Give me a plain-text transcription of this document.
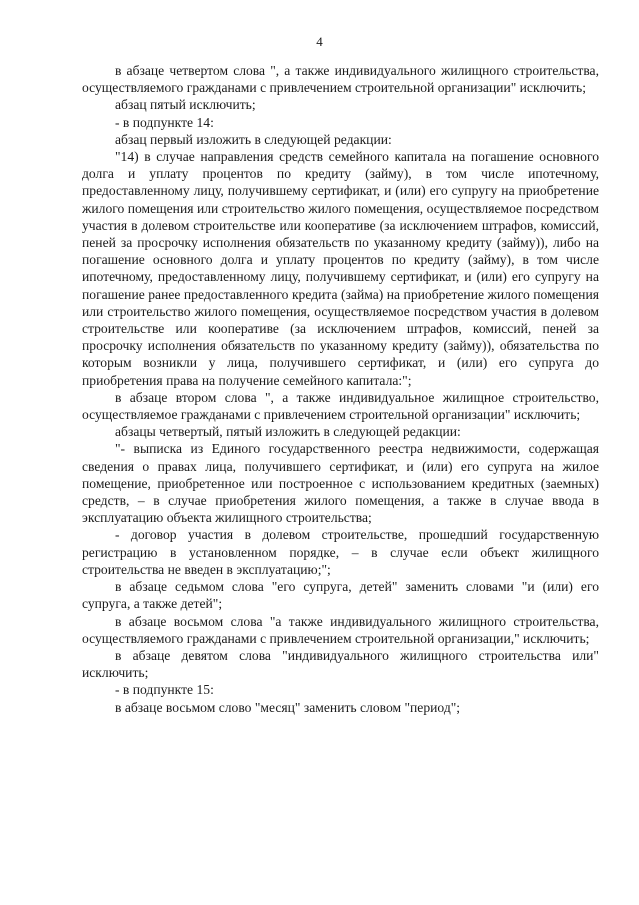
4

в абзаце четвертом слова ", а также индивидуального жилищного строительства, осуществляемого гражданами с привлечением строительной организации" исключить;

абзац пятый исключить;

- в подпункте 14:

абзац первый изложить в следующей редакции:

"14) в случае направления средств семейного капитала на погашение основного долга и уплату процентов по кредиту (займу), в том числе ипотечному, предоставленному лицу, получившему сертификат, и (или) его супругу на приобретение жилого помещения или строительство жилого помещения, осуществляемое посредством участия в долевом строительстве или кооперативе (за исключением штрафов, комиссий, пеней за просрочку исполнения обязательств по указанному кредиту (займу)), либо на погашение основного долга и уплату процентов по кредиту (займу), в том числе ипотечному, предоставленному лицу, получившему сертификат, и (или) его супругу на погашение ранее предоставленного кредита (займа) на приобретение жилого помещения или строительство жилого помещения, осуществляемое посредством участия в долевом строительстве или кооперативе (за исключением штрафов, комиссий, пеней за просрочку исполнения обязательств по указанному кредиту (займу)), обязательства по которым возникли у лица, получившего сертификат, и (или) его супруга до приобретения права на получение семейного капитала:";

в абзаце втором слова ", а также индивидуальное жилищное строительство, осуществляемое гражданами с привлечением строительной организации" исключить;

абзацы четвертый, пятый изложить в следующей редакции:

"- выписка из Единого государственного реестра недвижимости, содержащая сведения о правах лица, получившего сертификат, и (или) его супруга на жилое помещение, приобретенное или построенное с использованием кредитных (заемных) средств, – в случае приобретения жилого помещения, а также в случае ввода в эксплуатацию объекта жилищного строительства;

- договор участия в долевом строительстве, прошедший государственную регистрацию в установленном порядке, – в случае если объект жилищного строительства не введен в эксплуатацию;";

в абзаце седьмом слова "его супруга, детей" заменить словами "и (или) его супруга, а также детей";

в абзаце восьмом слова "а также индивидуального жилищного строительства, осуществляемого гражданами с привлечением строительной организации," исключить;

в абзаце девятом слова "индивидуального жилищного строительства или" исключить;

- в подпункте 15:

в абзаце восьмом слово "месяц" заменить словом "период";
